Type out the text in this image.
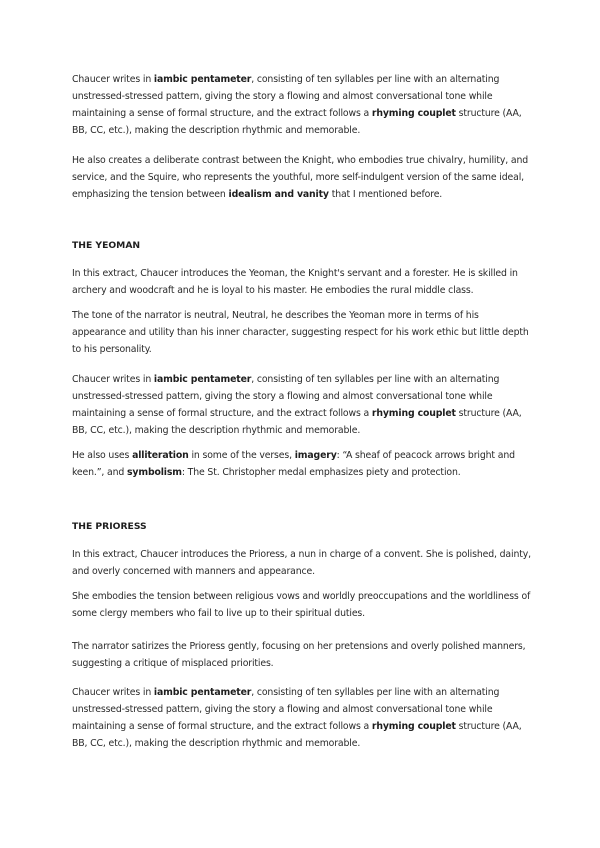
Chaucer writes in iambic pentameter, consisting of ten syllables per line with an alternating unstressed-stressed pattern, giving the story a flowing and almost conversational tone while maintaining a sense of formal structure, and the extract follows a rhyming couplet structure (AA, BB, CC, etc.), making the description rhythmic and memorable.

He also creates a deliberate contrast between the Knight, who embodies true chivalry, humility, and service, and the Squire, who represents the youthful, more self-indulgent version of the same ideal, emphasizing the tension between idealism and vanity that I mentioned before.

THE YEOMAN

In this extract, Chaucer introduces the Yeoman, the Knight's servant and a forester. He is skilled in archery and woodcraft and he is loyal to his master. He embodies the rural middle class.

The tone of the narrator is neutral, Neutral, he describes the Yeoman more in terms of his appearance and utility than his inner character, suggesting respect for his work ethic but little depth to his personality.

Chaucer writes in iambic pentameter, consisting of ten syllables per line with an alternating unstressed-stressed pattern, giving the story a flowing and almost conversational tone while maintaining a sense of formal structure, and the extract follows a rhyming couplet structure (AA, BB, CC, etc.), making the description rhythmic and memorable.

He also uses alliteration in some of the verses, imagery: “A sheaf of peacock arrows bright and keen.”, and symbolism: The St. Christopher medal emphasizes piety and protection.

THE PRIORESS

In this extract, Chaucer introduces the Prioress, a nun in charge of a convent. She is polished, dainty, and overly concerned with manners and appearance.

She embodies the tension between religious vows and worldly preoccupations and the worldliness of some clergy members who fail to live up to their spiritual duties.

The narrator satirizes the Prioress gently, focusing on her pretensions and overly polished manners, suggesting a critique of misplaced priorities.

Chaucer writes in iambic pentameter, consisting of ten syllables per line with an alternating unstressed-stressed pattern, giving the story a flowing and almost conversational tone while maintaining a sense of formal structure, and the extract follows a rhyming couplet structure (AA, BB, CC, etc.), making the description rhythmic and memorable.
